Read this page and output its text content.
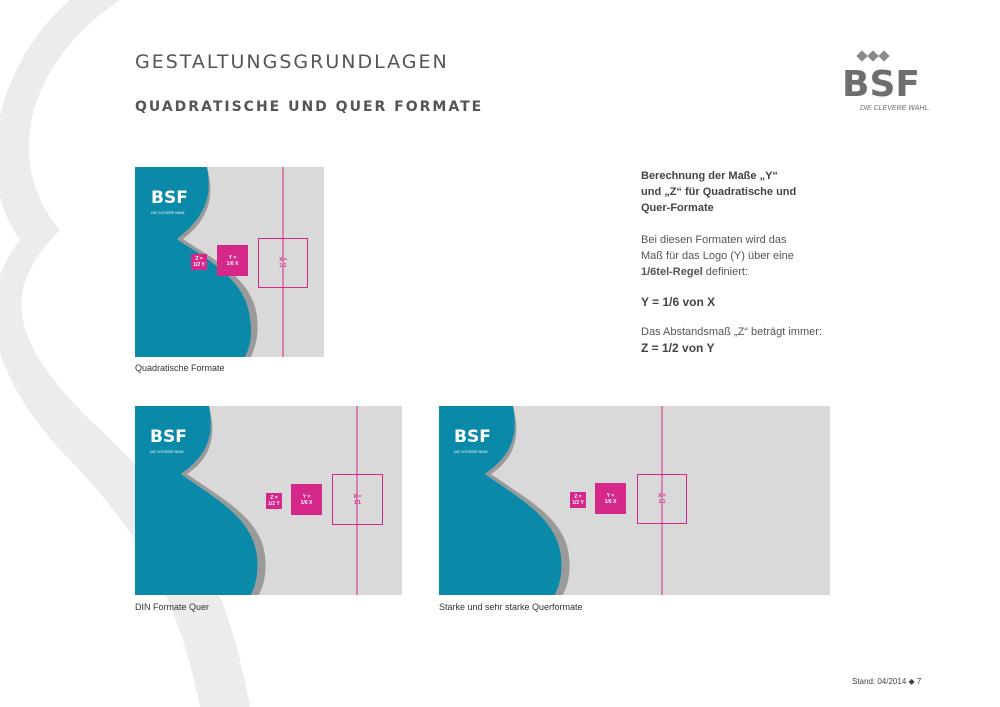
GESTALTUNGSGRUNDLAGEN
QUADRATISCHE UND QUER FORMATE
BSF
DIE CLEVERE WAHL.
BSF
DIE CLEVERE WAHL.
Z =
1/2 Y
Y =
1/6 X
X =
1/1
Quadratische Formate
BSF
DIE CLEVERE WAHL.
Z =
1/2 Y
Y =
1/6 X
X =
1/1
DIN Formate Quer
BSF
DIE CLEVERE WAHL.
Z =
1/2 Y
Y =
1/6 X
X =
1/1
Starke und sehr starke Querformate

Berechnung der Maße „Y“

und „Z“ für Quadratische und

Quer-Formate

Bei diesen Formaten wird das

Maß für das Logo (Y) über eine

1/6tel-Regel definiert:

Y = 1/6 von X

Das Abstandsmaß „Z“ beträgt immer:

Z = 1/2 von Y

Stand: 04/2014 ◆ 7
